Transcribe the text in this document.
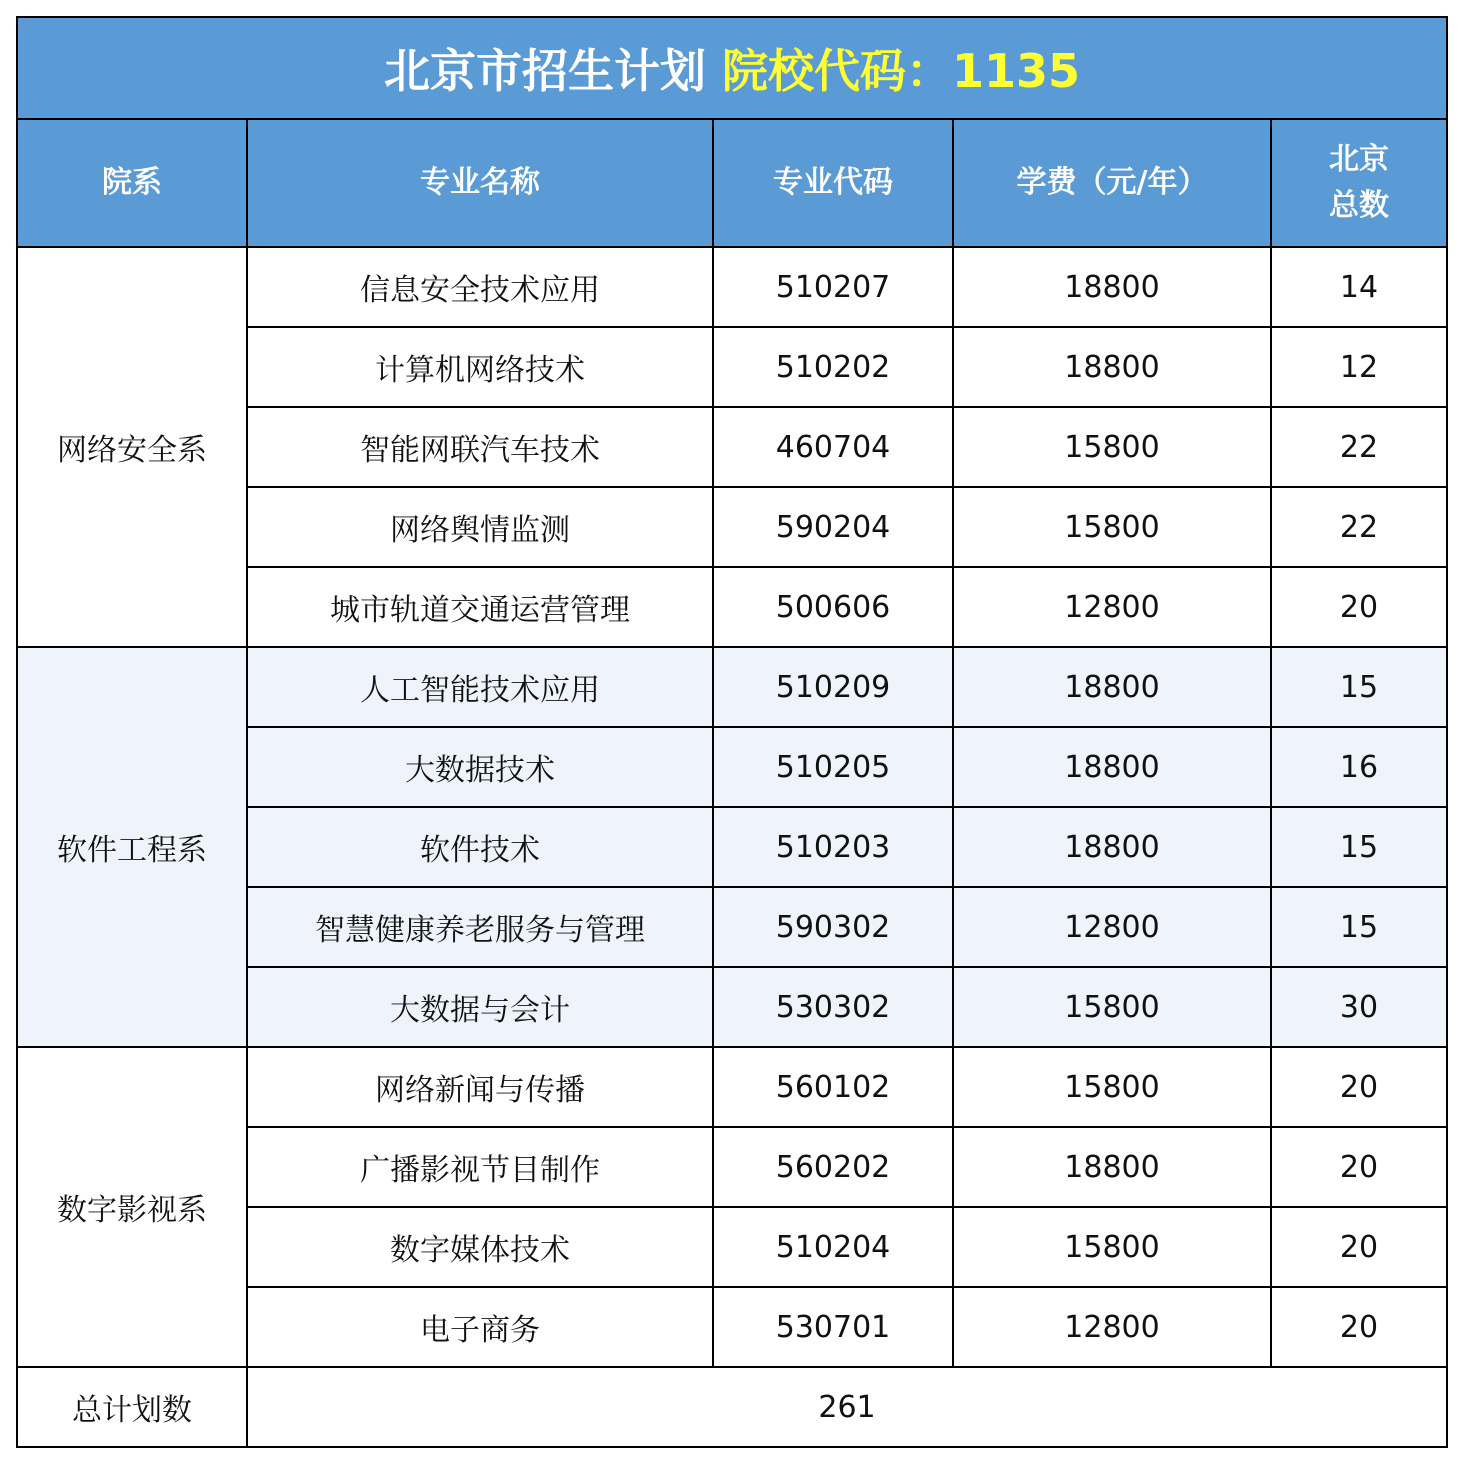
北京市招生计划 院校代码：1135				
院系	专业名称	专业代码	学费（元/年）	北京
总数
网络安全系	信息安全技术应用	510207	18800	14
	计算机网络技术	510202	18800	12
	智能网联汽车技术	460704	15800	22
	网络舆情监测	590204	15800	22
	城市轨道交通运营管理	500606	12800	20
软件工程系	人工智能技术应用	510209	18800	15
	大数据技术	510205	18800	16
	软件技术	510203	18800	15
	智慧健康养老服务与管理	590302	12800	15
	大数据与会计	530302	15800	30
数字影视系	网络新闻与传播	560102	15800	20
	广播影视节目制作	560202	18800	20
	数字媒体技术	510204	15800	20
	电子商务	530701	12800	20
总计划数	261			
